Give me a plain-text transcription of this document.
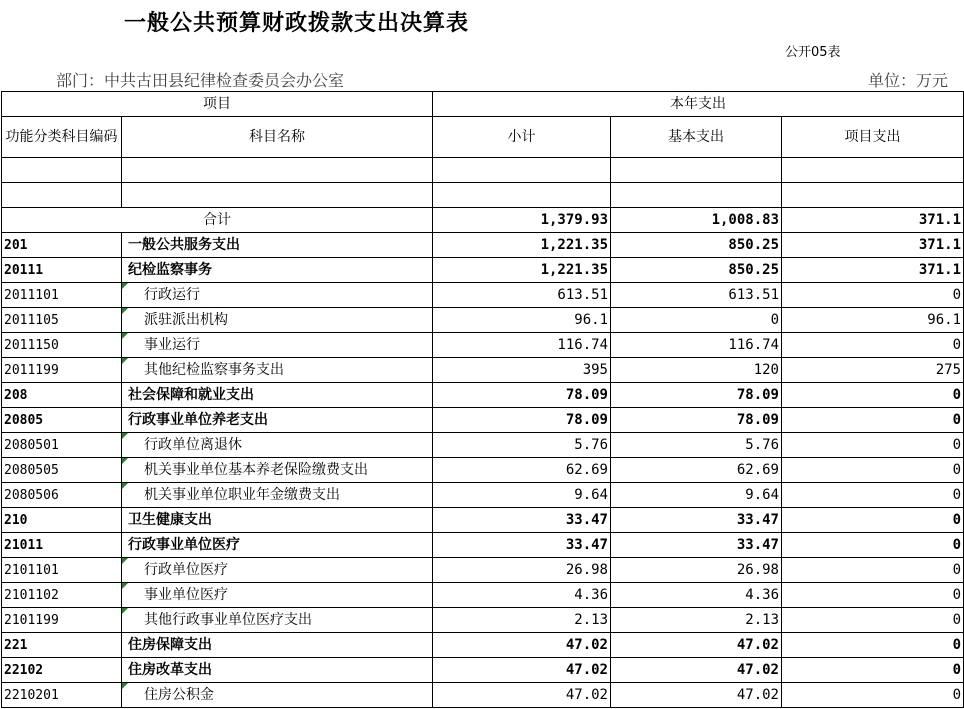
一般公共预算财政拨款支出决算表
公开05表
部门：中共古田县纪律检查委员会办公室	单位：万元
项目		本年支出		
功能分类科目编码	科目名称	小计	基本支出	项目支出

合计		1,379.93	1,008.83	371.1
201	一般公共服务支出	1,221.35	850.25	371.1
20111	纪检监察事务	1,221.35	850.25	371.1
2011101	行政运行	613.51	613.51	0
2011105	派驻派出机构	96.1	0	96.1
2011150	事业运行	116.74	116.74	0
2011199	其他纪检监察事务支出	395	120	275
208	社会保障和就业支出	78.09	78.09	0
20805	行政事业单位养老支出	78.09	78.09	0
2080501	行政单位离退休	5.76	5.76	0
2080505	机关事业单位基本养老保险缴费支出	62.69	62.69	0
2080506	机关事业单位职业年金缴费支出	9.64	9.64	0
210	卫生健康支出	33.47	33.47	0
21011	行政事业单位医疗	33.47	33.47	0
2101101	行政单位医疗	26.98	26.98	0
2101102	事业单位医疗	4.36	4.36	0
2101199	其他行政事业单位医疗支出	2.13	2.13	0
221	住房保障支出	47.02	47.02	0
22102	住房改革支出	47.02	47.02	0
2210201	住房公积金	47.02	47.02	0
